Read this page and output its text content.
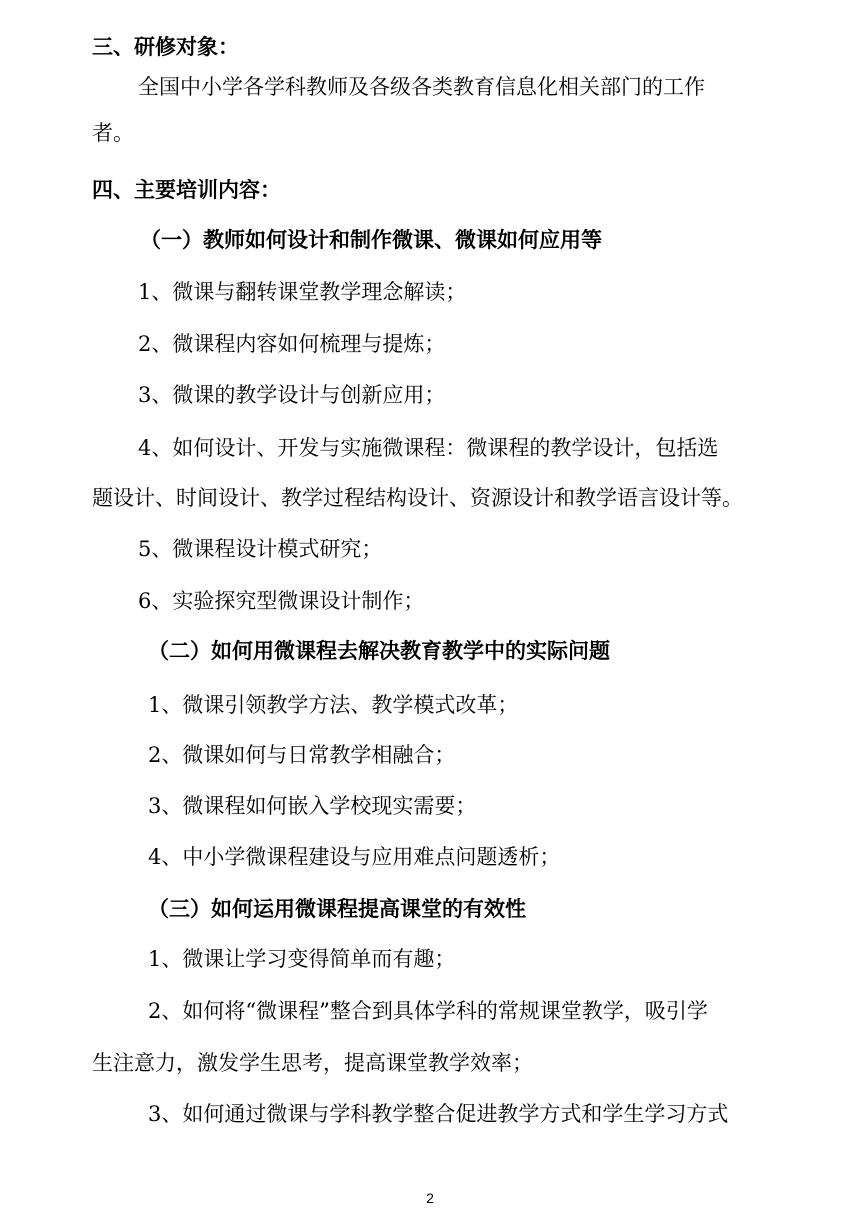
三、研修对象：

全国中小学各学科教师及各级各类教育信息化相关部门的工作

者。

四、主要培训内容：

（一）教师如何设计和制作微课、微课如何应用等

1、微课与翻转课堂教学理念解读；

2、微课程内容如何梳理与提炼；

3、微课的教学设计与创新应用；

4、如何设计、开发与实施微课程：微课程的教学设计，包括选

题设计、时间设计、教学过程结构设计、资源设计和教学语言设计等。

5、微课程设计模式研究；

6、实验探究型微课设计制作；

（二）如何用微课程去解决教育教学中的实际问题

1、微课引领教学方法、教学模式改革；

2、微课如何与日常教学相融合；

3、微课程如何嵌入学校现实需要；

4、中小学微课程建设与应用难点问题透析；

（三）如何运用微课程提高课堂的有效性

1、微课让学习变得简单而有趣；

2、如何将“微课程”整合到具体学科的常规课堂教学，吸引学

生注意力，激发学生思考，提高课堂教学效率；

3、如何通过微课与学科教学整合促进教学方式和学生学习方式

2
